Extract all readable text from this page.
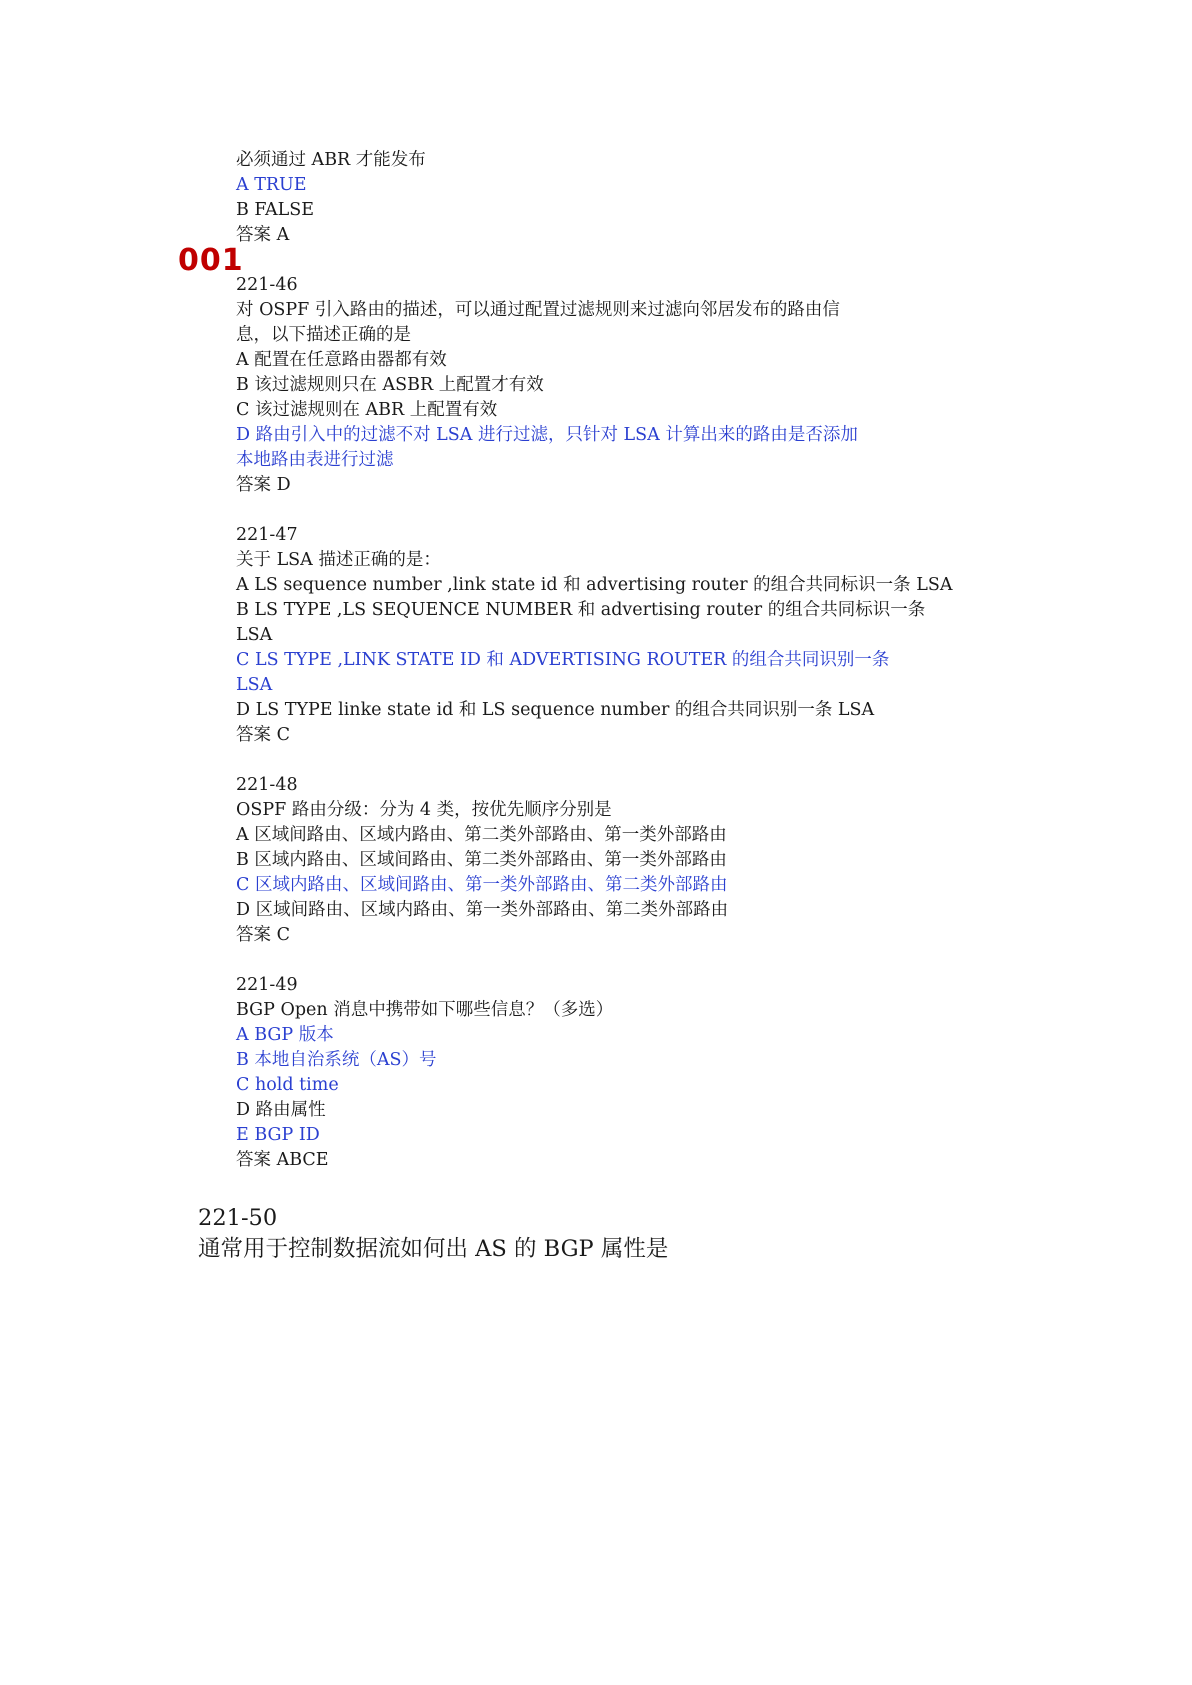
001
必须通过 ABR 才能发布
A TRUE
B FALSE
答案 A
221-46
对 OSPF 引入路由的描述，可以通过配置过滤规则来过滤向邻居发布的路由信
息，以下描述正确的是
A 配置在任意路由器都有效
B 该过滤规则只在 ASBR 上配置才有效
C 该过滤规则在 ABR 上配置有效
D 路由引入中的过滤不对 LSA 进行过滤，只针对 LSA 计算出来的路由是否添加
本地路由表进行过滤
答案 D
221-47
关于 LSA 描述正确的是：
A LS sequence number ,link state id 和 advertising router 的组合共同标识一条 LSA
B LS TYPE ,LS SEQUENCE NUMBER 和 advertising router 的组合共同标识一条
LSA
C LS TYPE ,LINK STATE ID 和 ADVERTISING ROUTER 的组合共同识别一条
LSA
D LS TYPE linke state id 和 LS sequence number 的组合共同识别一条 LSA
答案 C
221-48
OSPF 路由分级：分为 4 类，按优先顺序分别是
A 区域间路由、区域内路由、第二类外部路由、第一类外部路由
B 区域内路由、区域间路由、第二类外部路由、第一类外部路由
C 区域内路由、区域间路由、第一类外部路由、第二类外部路由
D 区域间路由、区域内路由、第一类外部路由、第二类外部路由
答案 C
221-49
BGP Open 消息中携带如下哪些信息？（多选）
A BGP 版本
B 本地自治系统（AS）号
C hold time
D 路由属性
E BGP ID
答案 ABCE
221-50
通常用于控制数据流如何出 AS 的 BGP 属性是
